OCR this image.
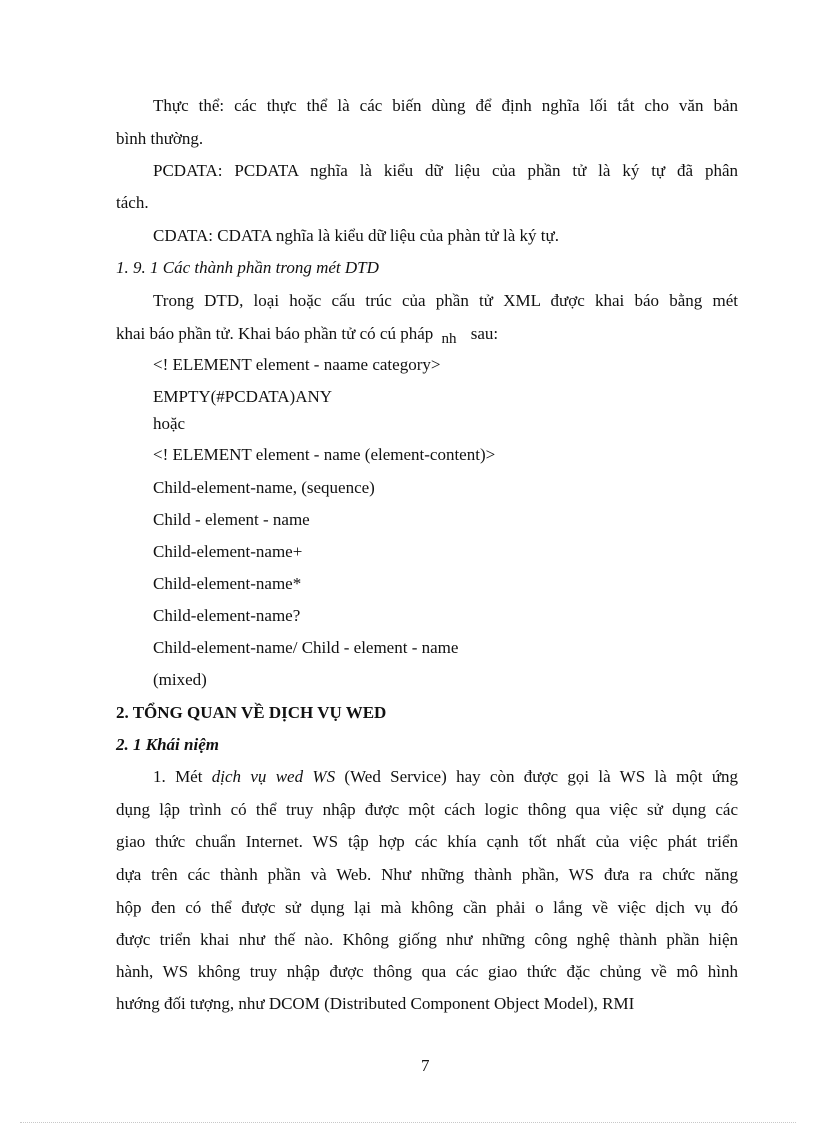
Thực thể: các thực thể là các biến dùng để định nghĩa lối tắt cho văn bản
bình thường.
PCDATA: PCDATA nghĩa là kiểu dữ liệu của phần tử là ký tự đã phân
tách.
CDATA: CDATA nghĩa là kiểu dữ liệu của phàn tử là ký tự.
1. 9. 1 Các thành phần trong mét DTD
Trong DTD, loại hoặc cấu trúc của phần tử XML được khai báo bằng mét
khai báo phần tử. Khai báo phần tử có cú pháp nh sau:
<! ELEMENT element - naame category>
EMPTY(#PCDATA)ANY
hoặc
<! ELEMENT element - name (element-content)>
Child-element-name, (sequence)
Child - element - name
Child-element-name+
Child-element-name*
Child-element-name?
Child-element-name/ Child - element - name
(mixed)
2. TỔNG QUAN VỀ DỊCH VỤ WED
2. 1 Khái niệm
1. Mét dịch vụ wed WS (Wed Service) hay còn được gọi là WS là một ứng
dụng lập trình có thể truy nhập được một cách logic thông qua việc sử dụng các
giao thức chuẩn Internet. WS tập hợp các khía cạnh tốt nhất của việc phát triển
dựa trên các thành phần và Web. Như những thành phần, WS đưa ra chức năng
hộp đen có thể được sử dụng lại mà không cần phải o lắng về việc dịch vụ đó
được triển khai như thế nào. Không giống như những công nghệ thành phần hiện
hành, WS không truy nhập được thông qua các giao thức đặc chủng về mô hình
hướng đối tượng, như DCOM (Distributed Component Object Model), RMI
7
